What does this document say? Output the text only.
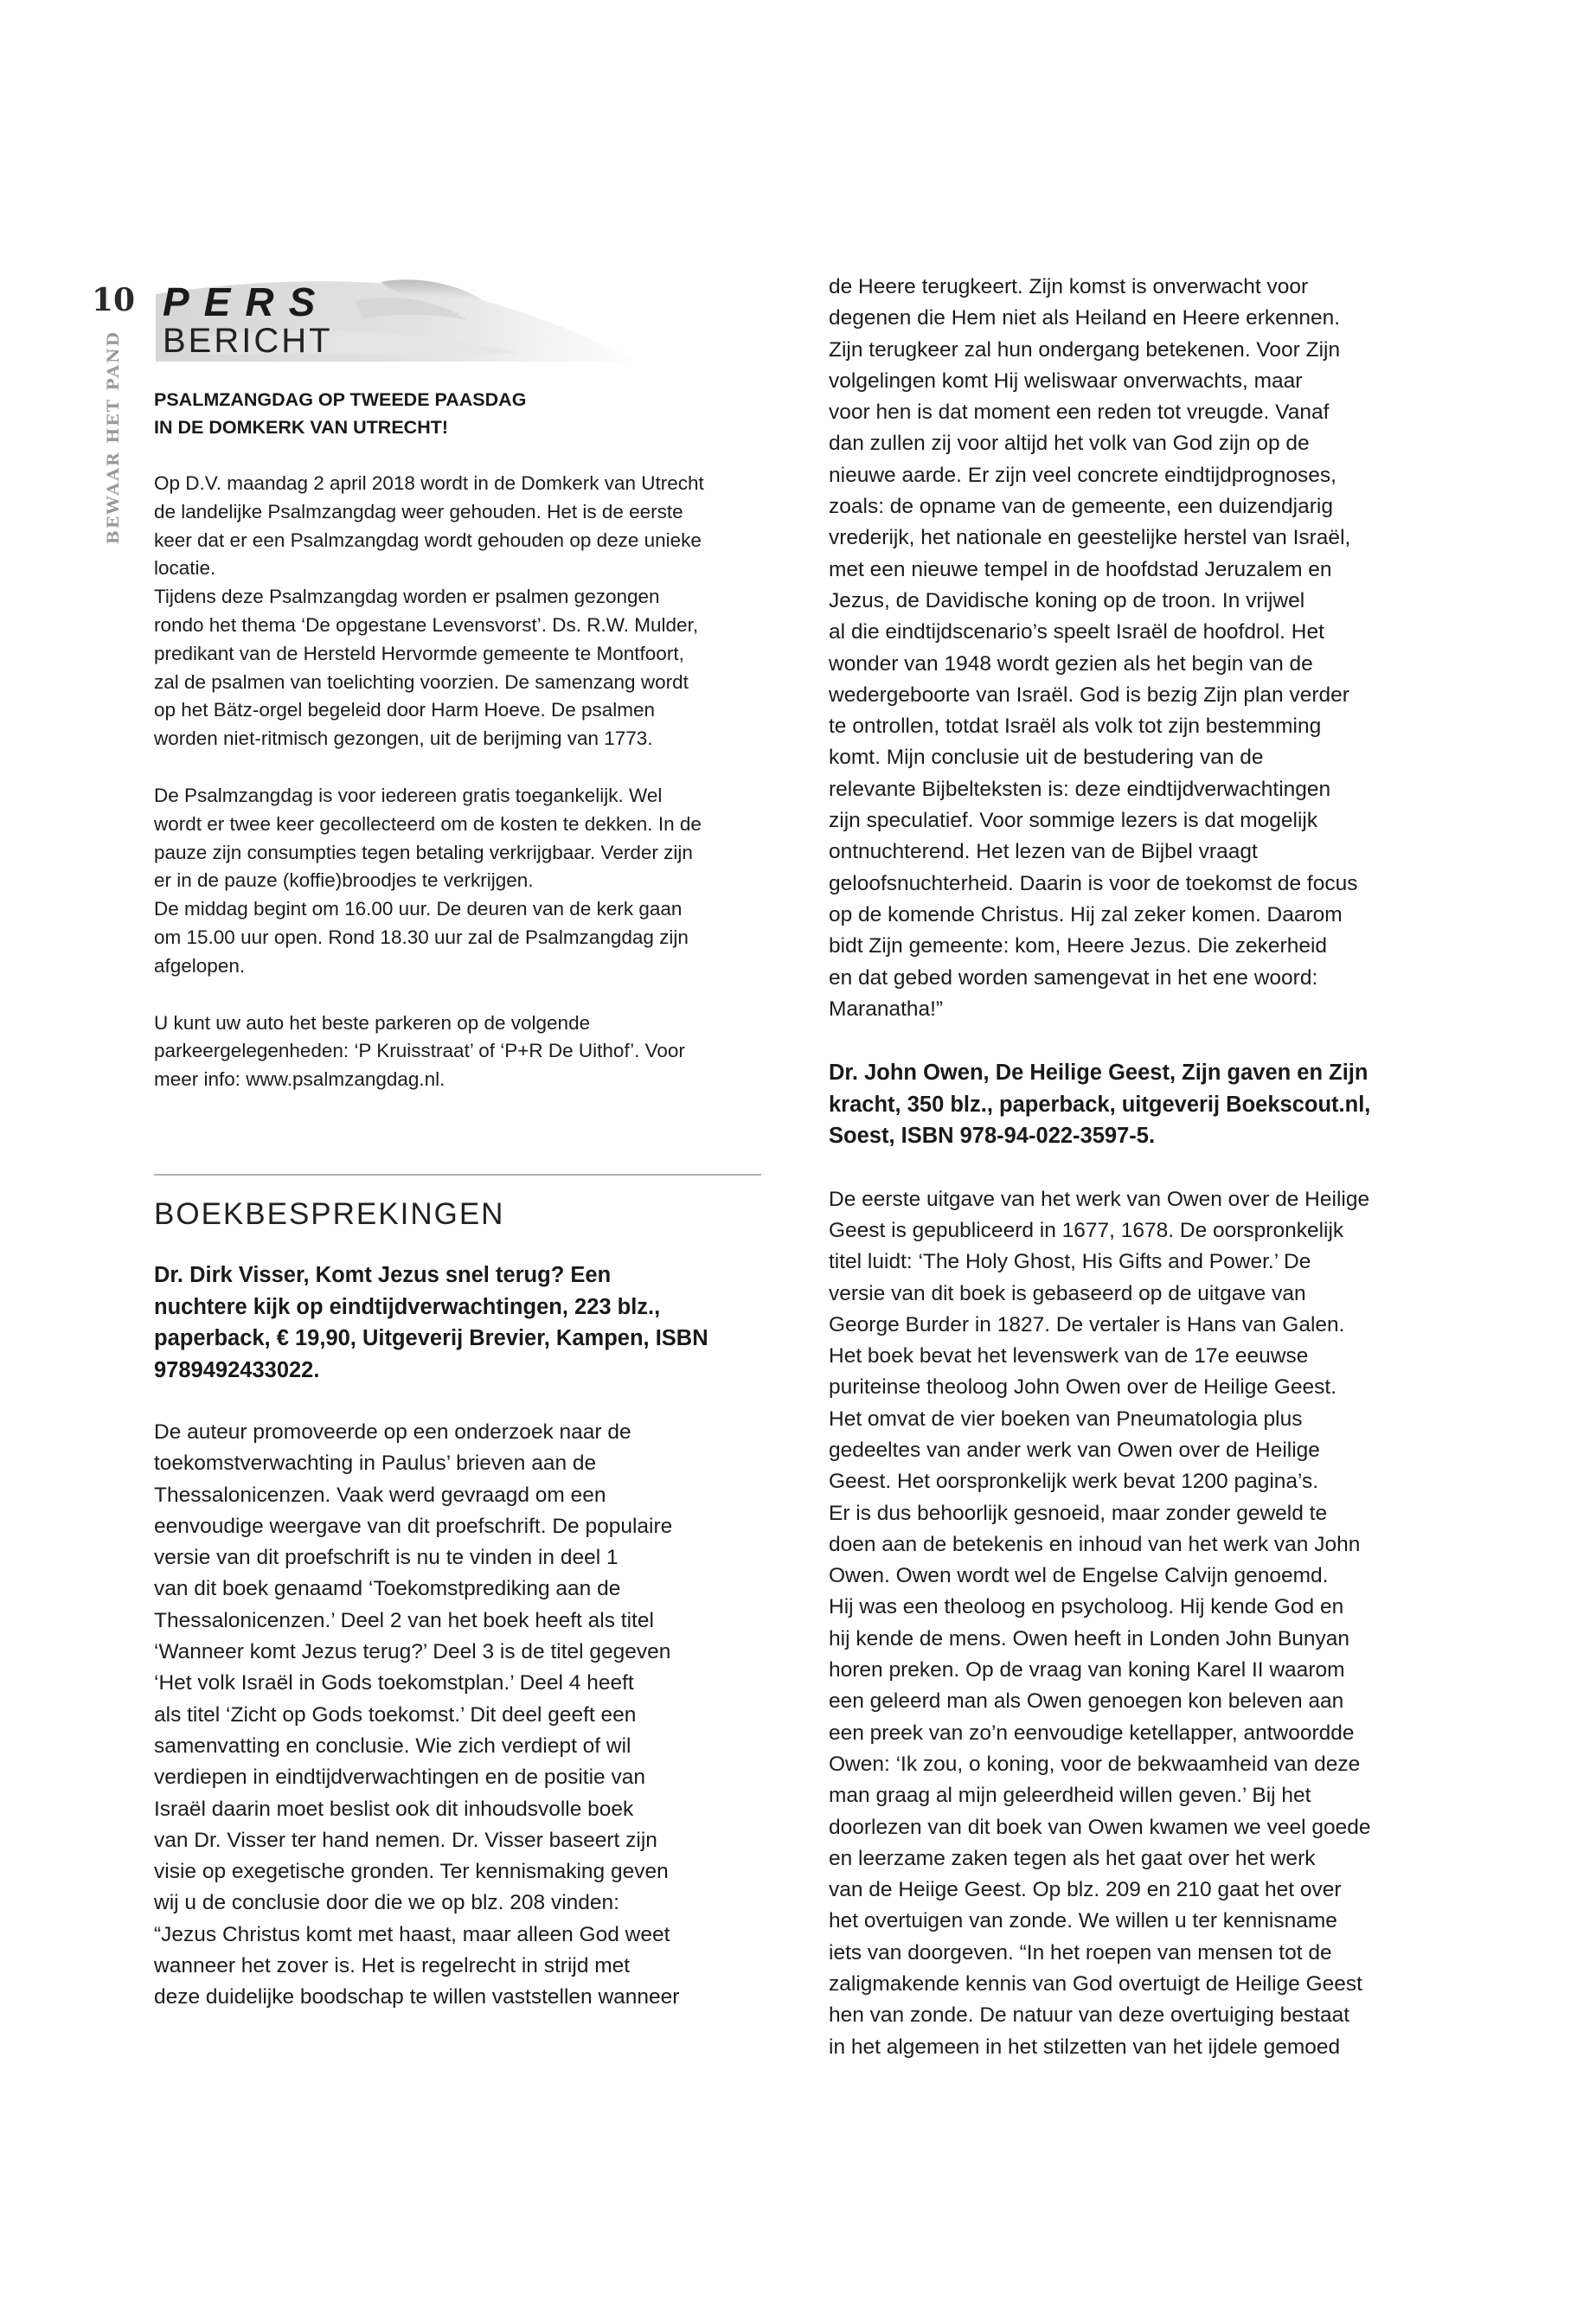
10
BEWAAR HET PAND
PERS
BERICHT

PSALMZANGDAG OP TWEEDE PAASDAG
IN DE DOMKERK VAN UTRECHT!

Op D.V. maandag 2 april 2018 wordt in de Domkerk van Utrecht
de landelijke Psalmzangdag weer gehouden. Het is de eerste
keer dat er een Psalmzangdag wordt gehouden op deze unieke
locatie.
Tijdens deze Psalmzangdag worden er psalmen gezongen
rondo het thema ‘De opgestane Levensvorst’. Ds. R.W. Mulder,
predikant van de Hersteld Hervormde gemeente te Montfoort,
zal de psalmen van toelichting voorzien. De samenzang wordt
op het Bätz-orgel begeleid door Harm Hoeve. De psalmen
worden niet-ritmisch gezongen, uit de berijming van 1773.

De Psalmzangdag is voor iedereen gratis toegankelijk. Wel
wordt er twee keer gecollecteerd om de kosten te dekken. In de
pauze zijn consumpties tegen betaling verkrijgbaar. Verder zijn
er in de pauze (koffie)broodjes te verkrijgen.
De middag begint om 16.00 uur. De deuren van de kerk gaan
om 15.00 uur open. Rond 18.30 uur zal de Psalmzangdag zijn
afgelopen.

U kunt uw auto het beste parkeren op de volgende
parkeergelegenheden: ‘P Kruisstraat’ of ‘P+R De Uithof’. Voor
meer info: www.psalmzangdag.nl.

BOEKBESPREKINGEN

Dr. Dirk Visser, Komt Jezus snel terug? Een
nuchtere kijk op eindtijdverwachtingen, 223 blz.,
paperback, € 19,90, Uitgeverij Brevier, Kampen, ISBN
9789492433022.

De auteur promoveerde op een onderzoek naar de
toekomstverwachting in Paulus’ brieven aan de
Thessalonicenzen. Vaak werd gevraagd om een
eenvoudige weergave van dit proefschrift. De populaire
versie van dit proefschrift is nu te vinden in deel 1
van dit boek genaamd ‘Toekomstprediking aan de
Thessalonicenzen.’ Deel 2 van het boek heeft als titel
‘Wanneer komt Jezus terug?’ Deel 3 is de titel gegeven
‘Het volk Israël in Gods toekomstplan.’ Deel 4 heeft
als titel ‘Zicht op Gods toekomst.’ Dit deel geeft een
samenvatting en conclusie. Wie zich verdiept of wil
verdiepen in eindtijdverwachtingen en de positie van
Israël daarin moet beslist ook dit inhoudsvolle boek
van Dr. Visser ter hand nemen. Dr. Visser baseert zijn
visie op exegetische gronden. Ter kennismaking geven
wij u de conclusie door die we op blz. 208 vinden:
“Jezus Christus komt met haast, maar alleen God weet
wanneer het zover is. Het is regelrecht in strijd met
deze duidelijke boodschap te willen vaststellen wanneer

de Heere terugkeert. Zijn komst is onverwacht voor
degenen die Hem niet als Heiland en Heere erkennen.
Zijn terugkeer zal hun ondergang betekenen. Voor Zijn
volgelingen komt Hij weliswaar onverwachts, maar
voor hen is dat moment een reden tot vreugde. Vanaf
dan zullen zij voor altijd het volk van God zijn op de
nieuwe aarde. Er zijn veel concrete eindtijdprognoses,
zoals: de opname van de gemeente, een duizendjarig
vrederijk, het nationale en geestelijke herstel van Israël,
met een nieuwe tempel in de hoofdstad Jeruzalem en
Jezus, de Davidische koning op de troon. In vrijwel
al die eindtijdscenario’s speelt Israël de hoofdrol. Het
wonder van 1948 wordt gezien als het begin van de
wedergeboorte van Israël. God is bezig Zijn plan verder
te ontrollen, totdat Israël als volk tot zijn bestemming
komt. Mijn conclusie uit de bestudering van de
relevante Bijbelteksten is: deze eindtijdverwachtingen
zijn speculatief. Voor sommige lezers is dat mogelijk
ontnuchterend. Het lezen van de Bijbel vraagt
geloofsnuchterheid. Daarin is voor de toekomst de focus
op de komende Christus. Hij zal zeker komen. Daarom
bidt Zijn gemeente: kom, Heere Jezus. Die zekerheid
en dat gebed worden samengevat in het ene woord:
Maranatha!”

Dr. John Owen, De Heilige Geest, Zijn gaven en Zijn
kracht, 350 blz., paperback, uitgeverij Boekscout.nl,
Soest, ISBN 978-94-022-3597-5.

De eerste uitgave van het werk van Owen over de Heilige
Geest is gepubliceerd in 1677, 1678. De oorspronkelijk
titel luidt: ‘The Holy Ghost, His Gifts and Power.’ De
versie van dit boek is gebaseerd op de uitgave van
George Burder in 1827. De vertaler is Hans van Galen.
Het boek bevat het levenswerk van de 17e eeuwse
puriteinse theoloog John Owen over de Heilige Geest.
Het omvat de vier boeken van Pneumatologia plus
gedeeltes van ander werk van Owen over de Heilige
Geest. Het oorspronkelijk werk bevat 1200 pagina’s.
Er is dus behoorlijk gesnoeid, maar zonder geweld te
doen aan de betekenis en inhoud van het werk van John
Owen. Owen wordt wel de Engelse Calvijn genoemd.
Hij was een theoloog en psycholoog. Hij kende God en
hij kende de mens. Owen heeft in Londen John Bunyan
horen preken. Op de vraag van koning Karel II waarom
een geleerd man als Owen genoegen kon beleven aan
een preek van zo’n eenvoudige ketellapper, antwoordde
Owen: ‘Ik zou, o koning, voor de bekwaamheid van deze
man graag al mijn geleerdheid willen geven.’ Bij het
doorlezen van dit boek van Owen kwamen we veel goede
en leerzame zaken tegen als het gaat over het werk
van de Heiige Geest. Op blz. 209 en 210 gaat het over
het overtuigen van zonde. We willen u ter kennisname
iets van doorgeven. “In het roepen van mensen tot de
zaligmakende kennis van God overtuigt de Heilige Geest
hen van zonde. De natuur van deze overtuiging bestaat
in het algemeen in het stilzetten van het ijdele gemoed
